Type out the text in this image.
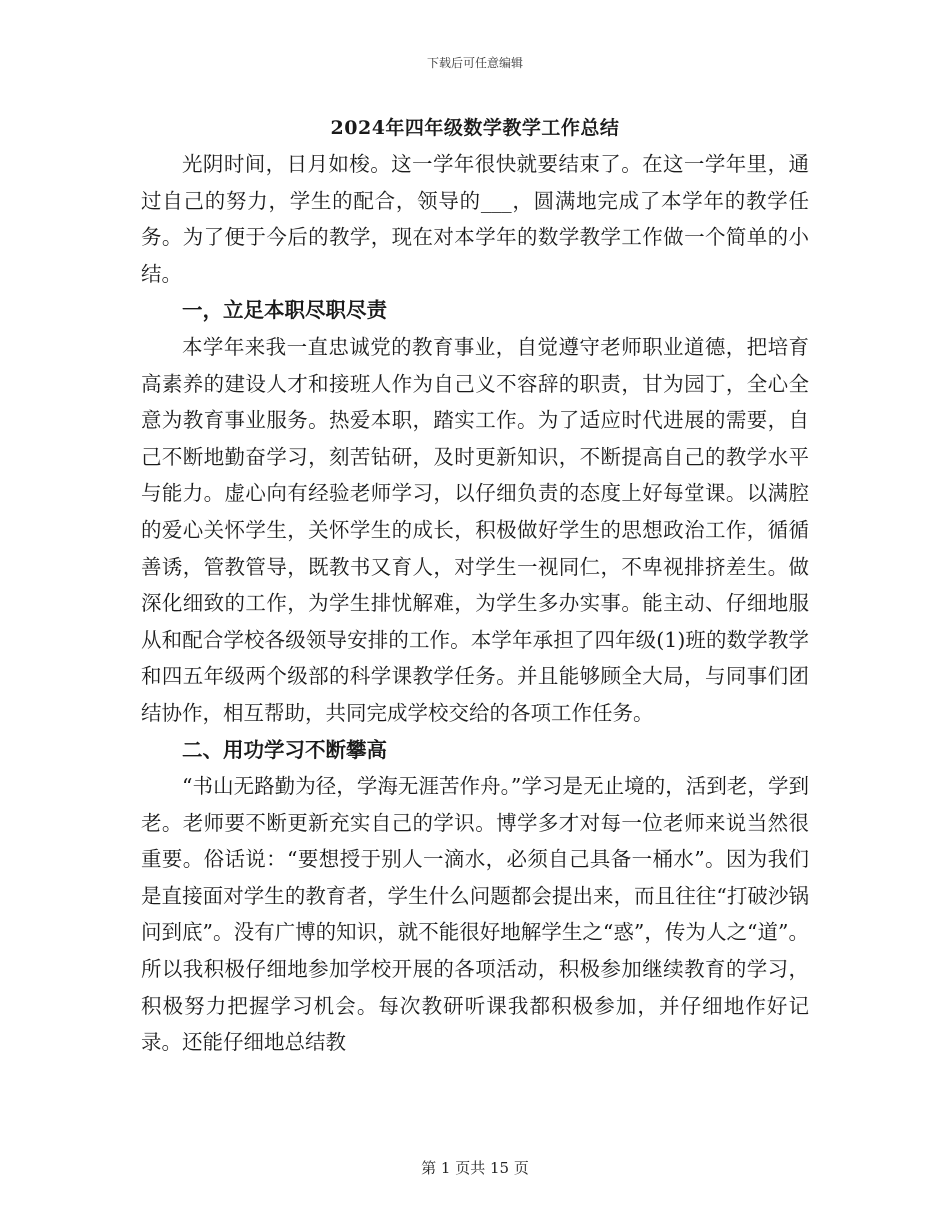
下载后可任意编辑
2024年四年级数学教学工作总结

光阴时间，日月如梭。这一学年很快就要结束了。在这一学年里，通过自己的努力，学生的配合，领导的___，圆满地完成了本学年的教学任务。为了便于今后的教学，现在对本学年的数学教学工作做一个简单的小结。

一，立足本职尽职尽责

本学年来我一直忠诚党的教育事业，自觉遵守老师职业道德，把培育高素养的建设人才和接班人作为自己义不容辞的职责，甘为园丁，全心全意为教育事业服务。热爱本职，踏实工作。为了适应时代进展的需要，自己不断地勤奋学习，刻苦钻研，及时更新知识，不断提高自己的教学水平与能力。虚心向有经验老师学习，以仔细负责的态度上好每堂课。以满腔的爱心关怀学生，关怀学生的成长，积极做好学生的思想政治工作，循循善诱，管教管导，既教书又育人，对学生一视同仁，不卑视排挤差生。做深化细致的工作，为学生排忧解难，为学生多办实事。能主动、仔细地服从和配合学校各级领导安排的工作。本学年承担了四年级(1)班的数学教学和四五年级两个级部的科学课教学任务。并且能够顾全大局，与同事们团结协作，相互帮助，共同完成学校交给的各项工作任务。

二、用功学习不断攀高

“书山无路勤为径，学海无涯苦作舟。”学习是无止境的，活到老，学到老。老师要不断更新充实自己的学识。博学多才对每一位老师来说当然很重要。俗话说：“要想授于别人一滴水，必须自己具备一桶水”。因为我们是直接面对学生的教育者，学生什么问题都会提出来，而且往往“打破沙锅问到底”。没有广博的知识，就不能很好地解学生之“惑”，传为人之“道”。所以我积极仔细地参加学校开展的各项活动，积极参加继续教育的学习，积极努力把握学习机会。每次教研听课我都积极参加，并仔细地作好记录。还能仔细地总结教

第 1 页共 15 页
